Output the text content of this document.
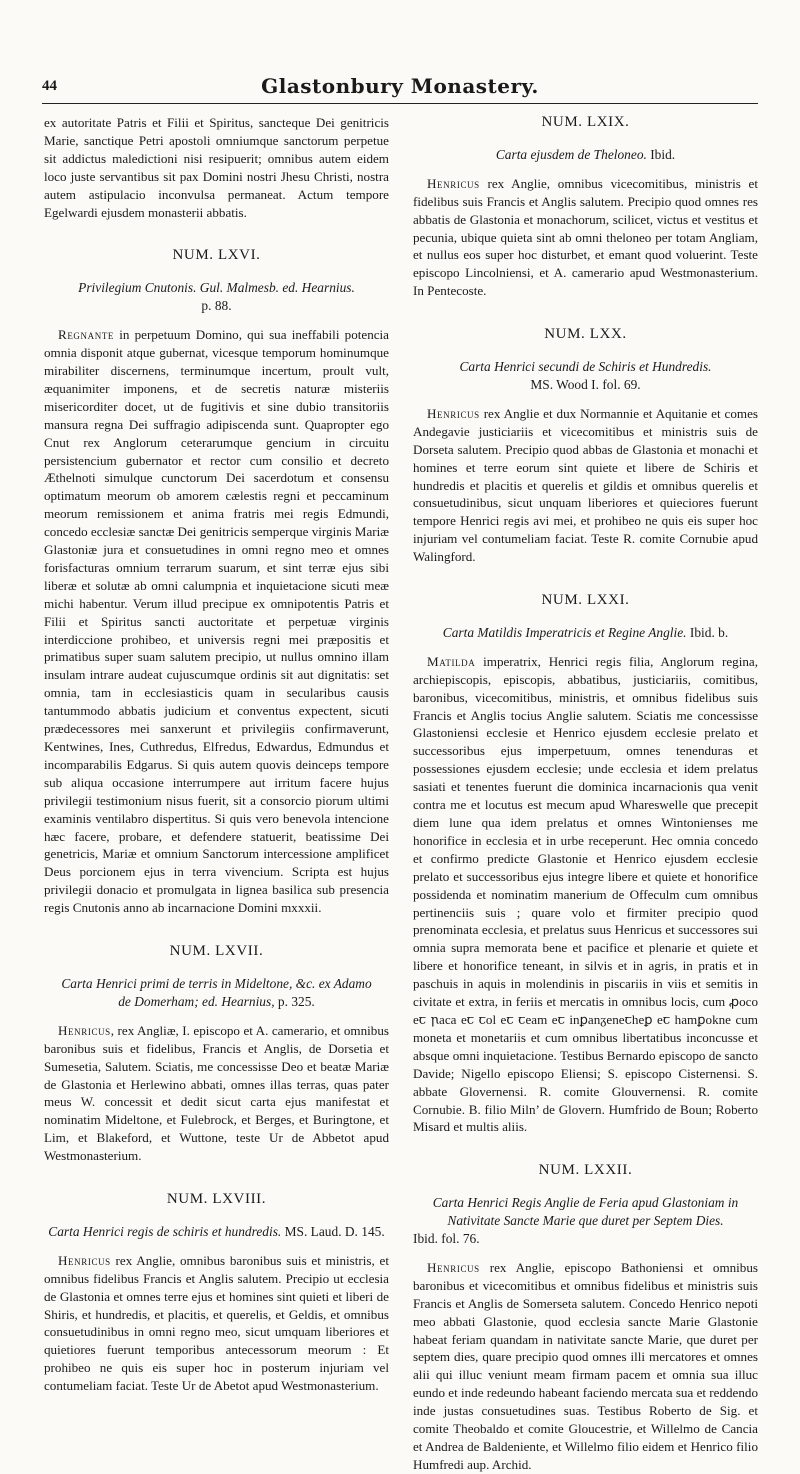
44	Glastonbury Monastery.

ex autoritate Patris et Filii et Spiritus, sancteque Dei genitricis Marie, sanctique Petri apostoli omniumque sanctorum perpetue sit addictus maledictioni nisi resipuerit; omnibus autem eidem loco juste servantibus sit pax Domini nostri Jhesu Christi, nostra autem astipulacio inconvulsa permaneat. Actum tempore Egelwardi ejusdem monasterii abbatis.

NUM. LXVI.
Privilegium Cnutonis. Gul. Malmesb. ed. Hearnius.
p. 88.

Regnante in perpetuum Domino, qui sua ineffabili potencia omnia disponit atque gubernat, vicesque temporum hominumque mirabiliter discernens, terminumque incertum, proult vult, æquanimiter imponens, et de secretis naturæ misteriis misericorditer docet, ut de fugitivis et sine dubio transitoriis mansura regna Dei suffragio adipiscenda sunt. Quapropter ego Cnut rex Anglorum ceterarumque gencium in circuitu persistencium gubernator et rector cum consilio et decreto Æthelnoti simulque cunctorum Dei sacerdotum et consensu optimatum meorum ob amorem cælestis regni et peccaminum meorum remissionem et anima fratris mei regis Edmundi, concedo ecclesiæ sanctæ Dei genitricis semperque virginis Mariæ Glastoniæ jura et consuetudines in omni regno meo et omnes forisfacturas omnium terrarum suarum, et sint terræ ejus sibi liberæ et solutæ ab omni calumpnia et inquietacione sicuti meæ michi habentur. Verum illud precipue ex omnipotentis Patris et Filii et Spiritus sancti auctoritate et perpetuæ virginis interdiccione prohibeo, et universis regni mei præpositis et primatibus super suam salutem precipio, ut nullus omnino illam insulam intrare audeat cujuscumque ordinis sit aut dignitatis: set omnia, tam in ecclesiasticis quam in secularibus causis tantummodo abbatis judicium et conventus expectent, sicuti prædecessores mei sanxerunt et privilegiis confirmaverunt, Kentwines, Ines, Cuthredus, Elfredus, Edwardus, Edmundus et incomparabilis Edgarus. Si quis autem quovis deinceps tempore sub aliqua occasione interrumpere aut irritum facere hujus privilegii testimonium nisus fuerit, sit a consorcio piorum ultimi examinis ventilabro dispertitus. Si quis vero benevola intencione hæc facere, probare, et defendere statuerit, beatissime Dei genetricis, Mariæ et omnium Sanctorum intercessione amplificet Deus porcionem ejus in terra vivencium. Scripta est hujus privilegii donacio et promulgata in lignea basilica sub presencia regis Cnutonis anno ab incarnacione Domini mxxxii.

NUM. LXVII.
Carta Henrici primi de terris in Mideltone, &c. ex Adamo
de Domerham; ed. Hearnius, p. 325.

Henricus, rex Angliæ, I. episcopo et A. camerario, et omnibus baronibus suis et fidelibus, Francis et Anglis, de Dorsetia et Sumesetia, Salutem. Sciatis, me concessisse Deo et beatæ Mariæ de Glastonia et Herlewino abbati, omnes illas terras, quas pater meus W. concessit et dedit sicut carta ejus manifestat et nominatim Mideltone, et Fulebrock, et Berges, et Buringtone, et Lim, et Blakeford, et Wuttone, teste Ur de Abbetot apud Westmonasterium.

NUM. LXVIII.
Carta Henrici regis de schiris et hundredis. MS. Laud. D. 145.

Henricus rex Anglie, omnibus baronibus suis et ministris, et omnibus fidelibus Francis et Anglis salutem. Precipio ut ecclesia de Glastonia et omnes terre ejus et homines sint quieti et liberi de Shiris, et hundredis, et placitis, et querelis, et Geldis, et omnibus consuetudinibus in omni regno meo, sicut umquam liberiores et quietiores fuerunt temporibus antecessorum meorum : Et prohibeo ne quis eis super hoc in posterum injuriam vel contumeliam faciat. Teste Ur de Abetot apud Westmonasterium.

NUM. LXIX.
Carta ejusdem de Theloneo. Ibid.

Henricus rex Anglie, omnibus vicecomitibus, ministris et fidelibus suis Francis et Anglis salutem. Precipio quod omnes res abbatis de Glastonia et monachorum, scilicet, victus et vestitus et pecunia, ubique quieta sint ab omni theloneo per totam Angliam, et nullus eos super hoc disturbet, et emant quod voluerint. Teste episcopo Lincolniensi, et A. camerario apud Westmonasterium. In Pentecoste.

NUM. LXX.
Carta Henrici secundi de Schiris et Hundredis.
MS. Wood I. fol. 69.

Henricus rex Anglie et dux Normannie et Aquitanie et comes Andegavie justiciariis et vicecomitibus et ministris suis de Dorseta salutem. Precipio quod abbas de Glastonia et monachi et homines et terre eorum sint quiete et libere de Schiris et hundredis et placitis et querelis et gildis et omnibus querelis et consuetudinibus, sicut unquam liberiores et quieciores fuerunt tempore Henrici regis avi mei, et prohibeo ne quis eis super hoc injuriam vel contumeliam faciat. Teste R. comite Cornubie apud Walingford.

NUM. LXXI.
Carta Matildis Imperatricis et Regine Anglie. Ibid. b.

Matilda imperatrix, Henrici regis filia, Anglorum regina, archiepiscopis, episcopis, abbatibus, justiciariis, comitibus, baronibus, vicecomitibus, ministris, et omnibus fidelibus suis Francis et Anglis tocius Anglie salutem. Sciatis me concessisse Glastoniensi ecclesie et Henrico ejusdem ecclesie prelato et successoribus ejus imperpetuum, omnes tenenduras et possessiones ejusdem ecclesie; unde ecclesia et idem prelatus sasiati et tenentes fuerunt die dominica incarnacionis qua venit contra me et locutus est mecum apud Whareswelle que precepit diem lune qua idem prelatus et omnes Wintonienses me honorifice in ecclesia et in urbe receperunt. Hec omnia concedo et confirmo predicte Glastonie et Henrico ejusdem ecclesie prelato et successoribus ejus integre libere et quiete et honorifice possidenda et nominatim manerium de Offeculm cum omnibus pertinenciis suis ; quare volo et firmiter precipio quod prenominata ecclesia, et prelatus suus Henricus et successores sui omnia supra memorata bene et pacifice et plenarie et quiete et libere et honorifice teneant, in silvis et in agris, in pratis et in paschuis in aquis in molendinis in piscariis in viis et semitis in civitate et extra, in feriis et mercatis in omnibus locis, cum ꝓoco eꞇ ꞃaca eꞇ ꞇol eꞇ ꞇeam eꞇ inꝑanᵹeneꞇheꝑ eꞇ hamꝑokne cum moneta et monetariis et cum omnibus libertatibus inconcusse et absque omni inquietacione. Testibus Bernardo episcopo de sancto Davide; Nigello episcopo Eliensi; S. episcopo Cisternensi. S. abbate Glovernensi. R. comite Glouvernensi. R. comite Cornubie. B. filio Miln’ de Glovern. Humfrido de Boun; Roberto Misard et multis aliis.

NUM. LXXII.
Carta Henrici Regis Anglie de Feria apud Glastoniam in Nativitate Sancte Marie que duret per Septem Dies.
Ibid. fol. 76.

Henricus rex Anglie, episcopo Bathoniensi et omnibus baronibus et vicecomitibus et omnibus fidelibus et ministris suis Francis et Anglis de Somerseta salutem. Concedo Henrico nepoti meo abbati Glastonie, quod ecclesia sancte Marie Glastonie habeat feriam quandam in nativitate sancte Marie, que duret per septem dies, quare precipio quod omnes illi mercatores et omnes alii qui illuc veniunt meam firmam pacem et omnia sua illuc eundo et inde redeundo habeant faciendo mercata sua et reddendo inde justas consuetudines suas. Testibus Roberto de Sig. et comite Theobaldo et comite Gloucestrie, et Willelmo de Cancia et Andrea de Baldeniente, et Willelmo filio eidem et Henrico filio Humfredi aup. Archid.
